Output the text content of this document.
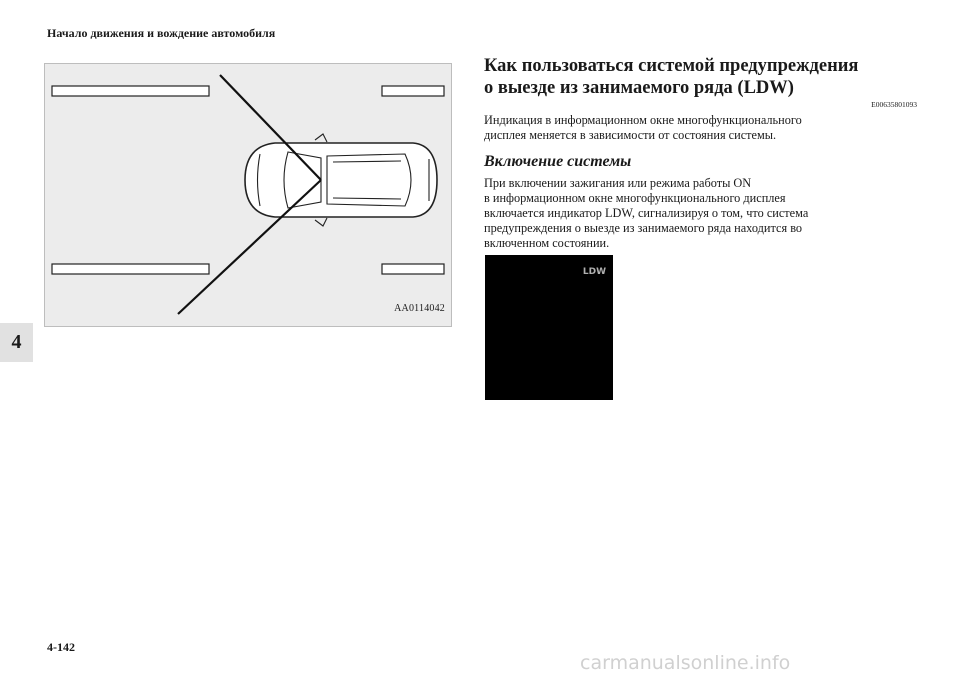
Начало движения и вождение автомобиля
4
AA0114042
Как пользоваться системой предупреждения
о выезде из занимаемого ряда (LDW)
E00635801093
Индикация в информационном окне многофункционального
дисплея меняется в зависимости от состояния системы.
Включение системы
При включении зажигания или режима работы ON
в информационном окне многофункционального дисплея
включается индикатор LDW, сигнализируя о том, что система
предупреждения о выезде из занимаемого ряда находится во
включенном состоянии.
LDW
4-142
carmanualsonline.info
